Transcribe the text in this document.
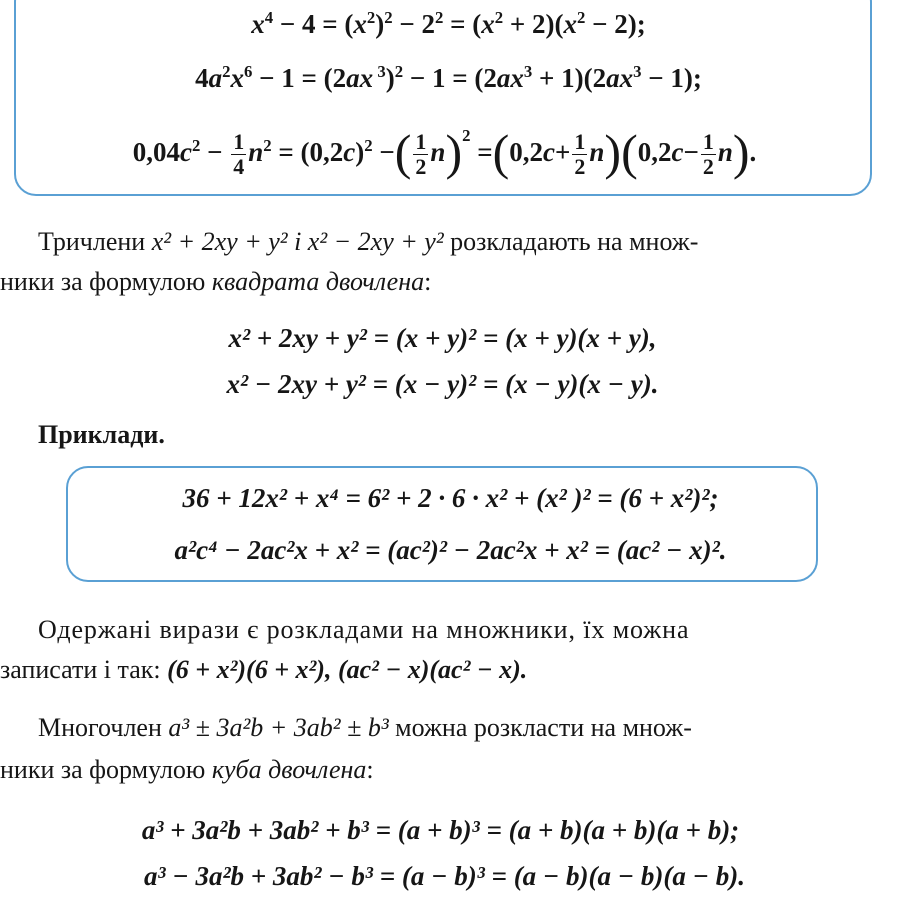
$x^4 - 4 = (x^2)^2 - 2^2 = (x^2 + 2)(x^2 - 2)$;
$4a^2x^6 - 1 = (2ax$ $^3)^2 - 1 = (2ax^3 + 1)(2ax^3 - 1)$;
$0,04c^2 - \frac{1}{4} n^2 = (0,2c)^2$ −( $\frac{1}{2} n)^2 =(0,2c+ \frac{1}{2} n)(0,2c- \frac{1}{2} n)$.
Тричлени x² + 2xy + y² і x² − 2xy + y² розкладають на множ-
ники за формулою квадрата двочлена:
x² + 2xy + y² = (x + y)² = (x + y)(x + y),
x² − 2xy + y² = (x − y)² = (x − y)(x − y).
Приклади.
36 + 12x² + x⁴ = 6² + 2 · 6 · x² + (x² )² = (6 + x²)²;
a²c⁴ − 2ac²x + x² = (ac²)² − 2ac²x + x² = (ac² − x)².
Одержані вирази є розкладами на множники, їх можна
записати і так: (6 + x²)(6 + x²), (ac² − x)(ac² − x).
Многочлен a³ ± 3a²b + 3ab² ± b³ можна розкласти на множ-
ники за формулою куба двочлена:
a³ + 3a²b + 3ab² + b³ = (a + b)³ = (a + b)(a + b)(a + b);
a³ − 3a²b + 3ab² − b³ = (a − b)³ = (a − b)(a − b)(a − b).
